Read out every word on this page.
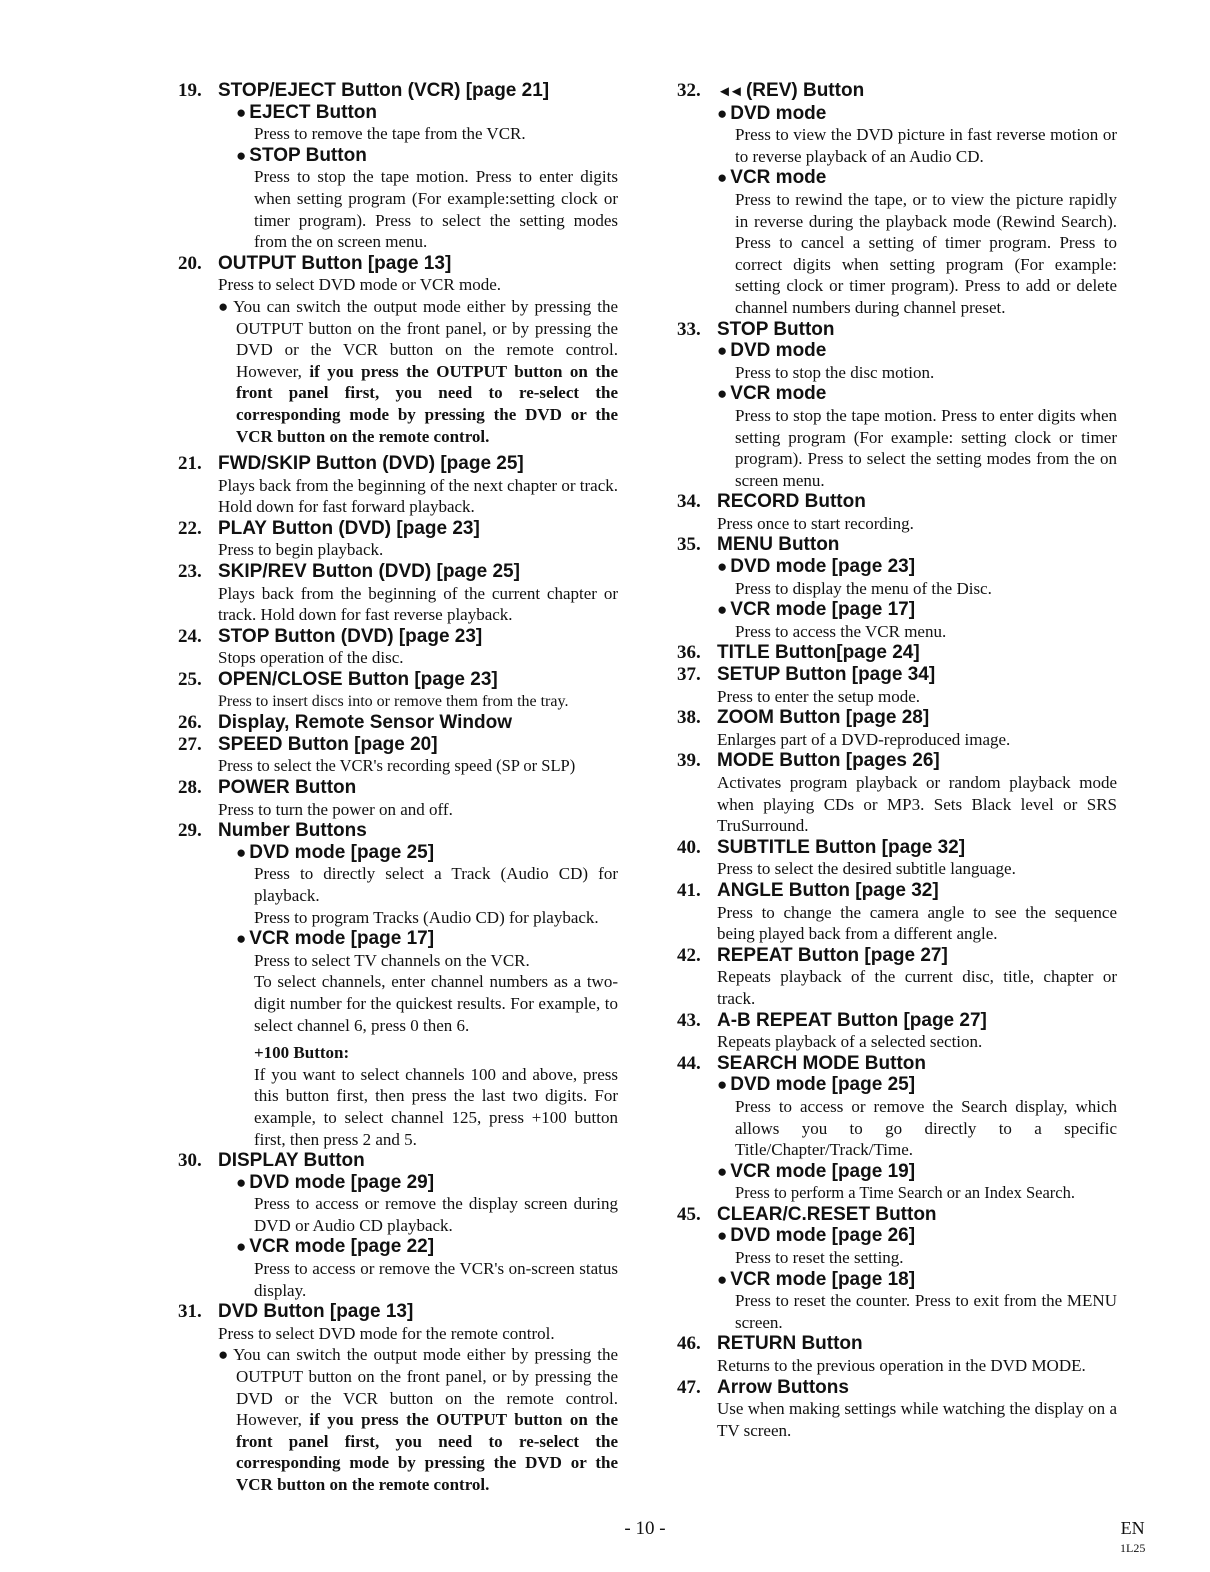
19. STOP/EJECT Button (VCR) [page 21]
● EJECT Button
Press to remove the tape from the VCR.
● STOP Button
Press to stop the tape motion. Press to enter digits when setting program (For example:setting clock or timer program). Press to select the setting modes from the on screen menu.
20. OUTPUT Button [page 13]
Press to select DVD mode or VCR mode.
● You can switch the output mode either by pressing the OUTPUT button on the front panel, or by pressing the DVD or the VCR button on the remote control. However, if you press the OUTPUT button on the front panel first, you need to re-select the corresponding mode by pressing the DVD or the VCR button on the remote control.
21. FWD/SKIP Button (DVD) [page 25]
Plays back from the beginning of the next chapter or track. Hold down for fast forward playback.
22. PLAY Button (DVD) [page 23]
Press to begin playback.
23. SKIP/REV Button (DVD) [page 25]
Plays back from the beginning of the current chapter or track. Hold down for fast reverse playback.
24. STOP Button (DVD) [page 23]
Stops operation of the disc.
25. OPEN/CLOSE Button [page 23]
Press to insert discs into or remove them from the tray.
26. Display, Remote Sensor Window
27. SPEED Button [page 20]
Press to select the VCR's recording speed (SP or SLP)
28. POWER Button
Press to turn the power on and off.
29. Number Buttons
● DVD mode [page 25]
Press to directly select a Track (Audio CD) for playback.
Press to program Tracks (Audio CD) for playback.
● VCR mode [page 17]
Press to select TV channels on the VCR.
To select channels, enter channel numbers as a two-digit number for the quickest results. For example, to select channel 6, press 0 then 6.
+100 Button:
If you want to select channels 100 and above, press this button first, then press the last two digits. For example, to select channel 125, press +100 button first, then press 2 and 5.
30. DISPLAY Button
● DVD mode [page 29]
Press to access or remove the display screen during DVD or Audio CD playback.
● VCR mode [page 22]
Press to access or remove the VCR's on-screen status display.
31. DVD Button [page 13]
Press to select DVD mode for the remote control.
● You can switch the output mode either by pressing the OUTPUT button on the front panel, or by pressing the DVD or the VCR button on the remote control. However, if you press the OUTPUT button on the front panel first, you need to re-select the corresponding mode by pressing the DVD or the VCR button on the remote control.
32. ◄◄ (REV) Button
● DVD mode
Press to view the DVD picture in fast reverse motion or to reverse playback of an Audio CD.
● VCR mode
Press to rewind the tape, or to view the picture rapidly in reverse during the playback mode (Rewind Search). Press to cancel a setting of timer program. Press to correct digits when setting program (For example: setting clock or timer program). Press to add or delete channel numbers during channel preset.
33. STOP Button
● DVD mode
Press to stop the disc motion.
● VCR mode
Press to stop the tape motion. Press to enter digits when setting program (For example: setting clock or timer program). Press to select the setting modes from the on screen menu.
34. RECORD Button
Press once to start recording.
35. MENU Button
● DVD mode [page 23]
Press to display the menu of the Disc.
● VCR mode [page 17]
Press to access the VCR menu.
36. TITLE Button[page 24]
37. SETUP Button [page 34]
Press to enter the setup mode.
38. ZOOM Button [page 28]
Enlarges part of a DVD-reproduced image.
39. MODE Button [pages 26]
Activates program playback or random playback mode when playing CDs or MP3. Sets Black level or SRS TruSurround.
40. SUBTITLE Button [page 32]
Press to select the desired subtitle language.
41. ANGLE Button [page 32]
Press to change the camera angle to see the sequence being played back from a different angle.
42. REPEAT Button [page 27]
Repeats playback of the current disc, title, chapter or track.
43. A-B REPEAT Button [page 27]
Repeats playback of a selected section.
44. SEARCH MODE Button
● DVD mode [page 25]
Press to access or remove the Search display, which allows you to go directly to a specific Title/Chapter/Track/Time.
● VCR mode [page 19]
Press to perform a Time Search or an Index Search.
45. CLEAR/C.RESET Button
● DVD mode [page 26]
Press to reset the setting.
● VCR mode [page 18]
Press to reset the counter. Press to exit from the MENU screen.
46. RETURN Button
Returns to the previous operation in the DVD MODE.
47. Arrow Buttons
Use when making settings while watching the display on a TV screen.
- 10 -	EN
1L25
